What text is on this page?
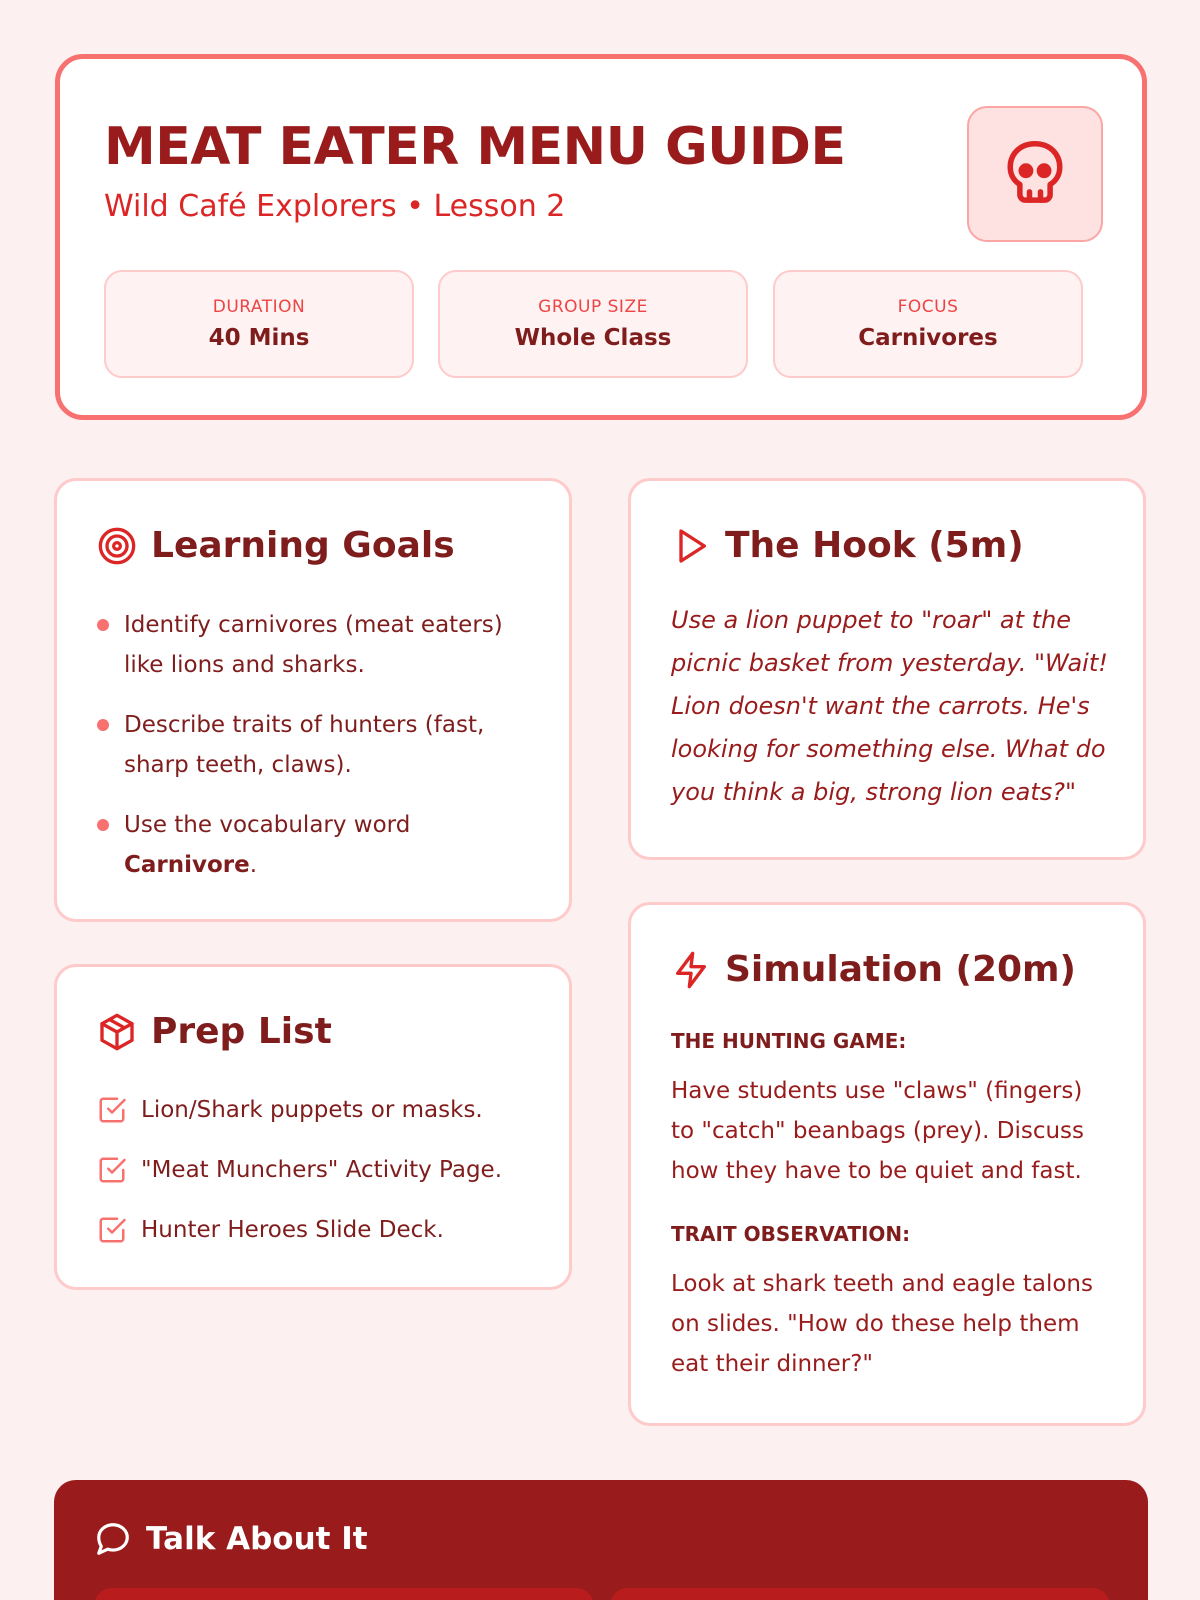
MEAT EATER MENU GUIDE
Wild Café Explorers • Lesson 2
DURATION
40 Mins
GROUP SIZE
Whole Class
FOCUS
Carnivores
Learning Goals
Identify carnivores (meat eaters) like lions and sharks.
Describe traits of hunters (fast, sharp teeth, claws).
Use the vocabulary word
Carnivore.
Prep List
Lion/Shark puppets or masks.
"Meat Munchers" Activity Page.
Hunter Heroes Slide Deck.
The Hook (5m)
Use a lion puppet to "roar" at the picnic basket from yesterday. "Wait! Lion doesn't want the carrots. He's looking for something else. What do you think a big, strong lion eats?"
Simulation (20m)
THE HUNTING GAME:
Have students use "claws" (fingers) to "catch" beanbags (prey). Discuss how they have to be quiet and fast.
TRAIT OBSERVATION:
Look at shark teeth and eagle talons on slides. "How do these help them eat their dinner?"
Talk About It
